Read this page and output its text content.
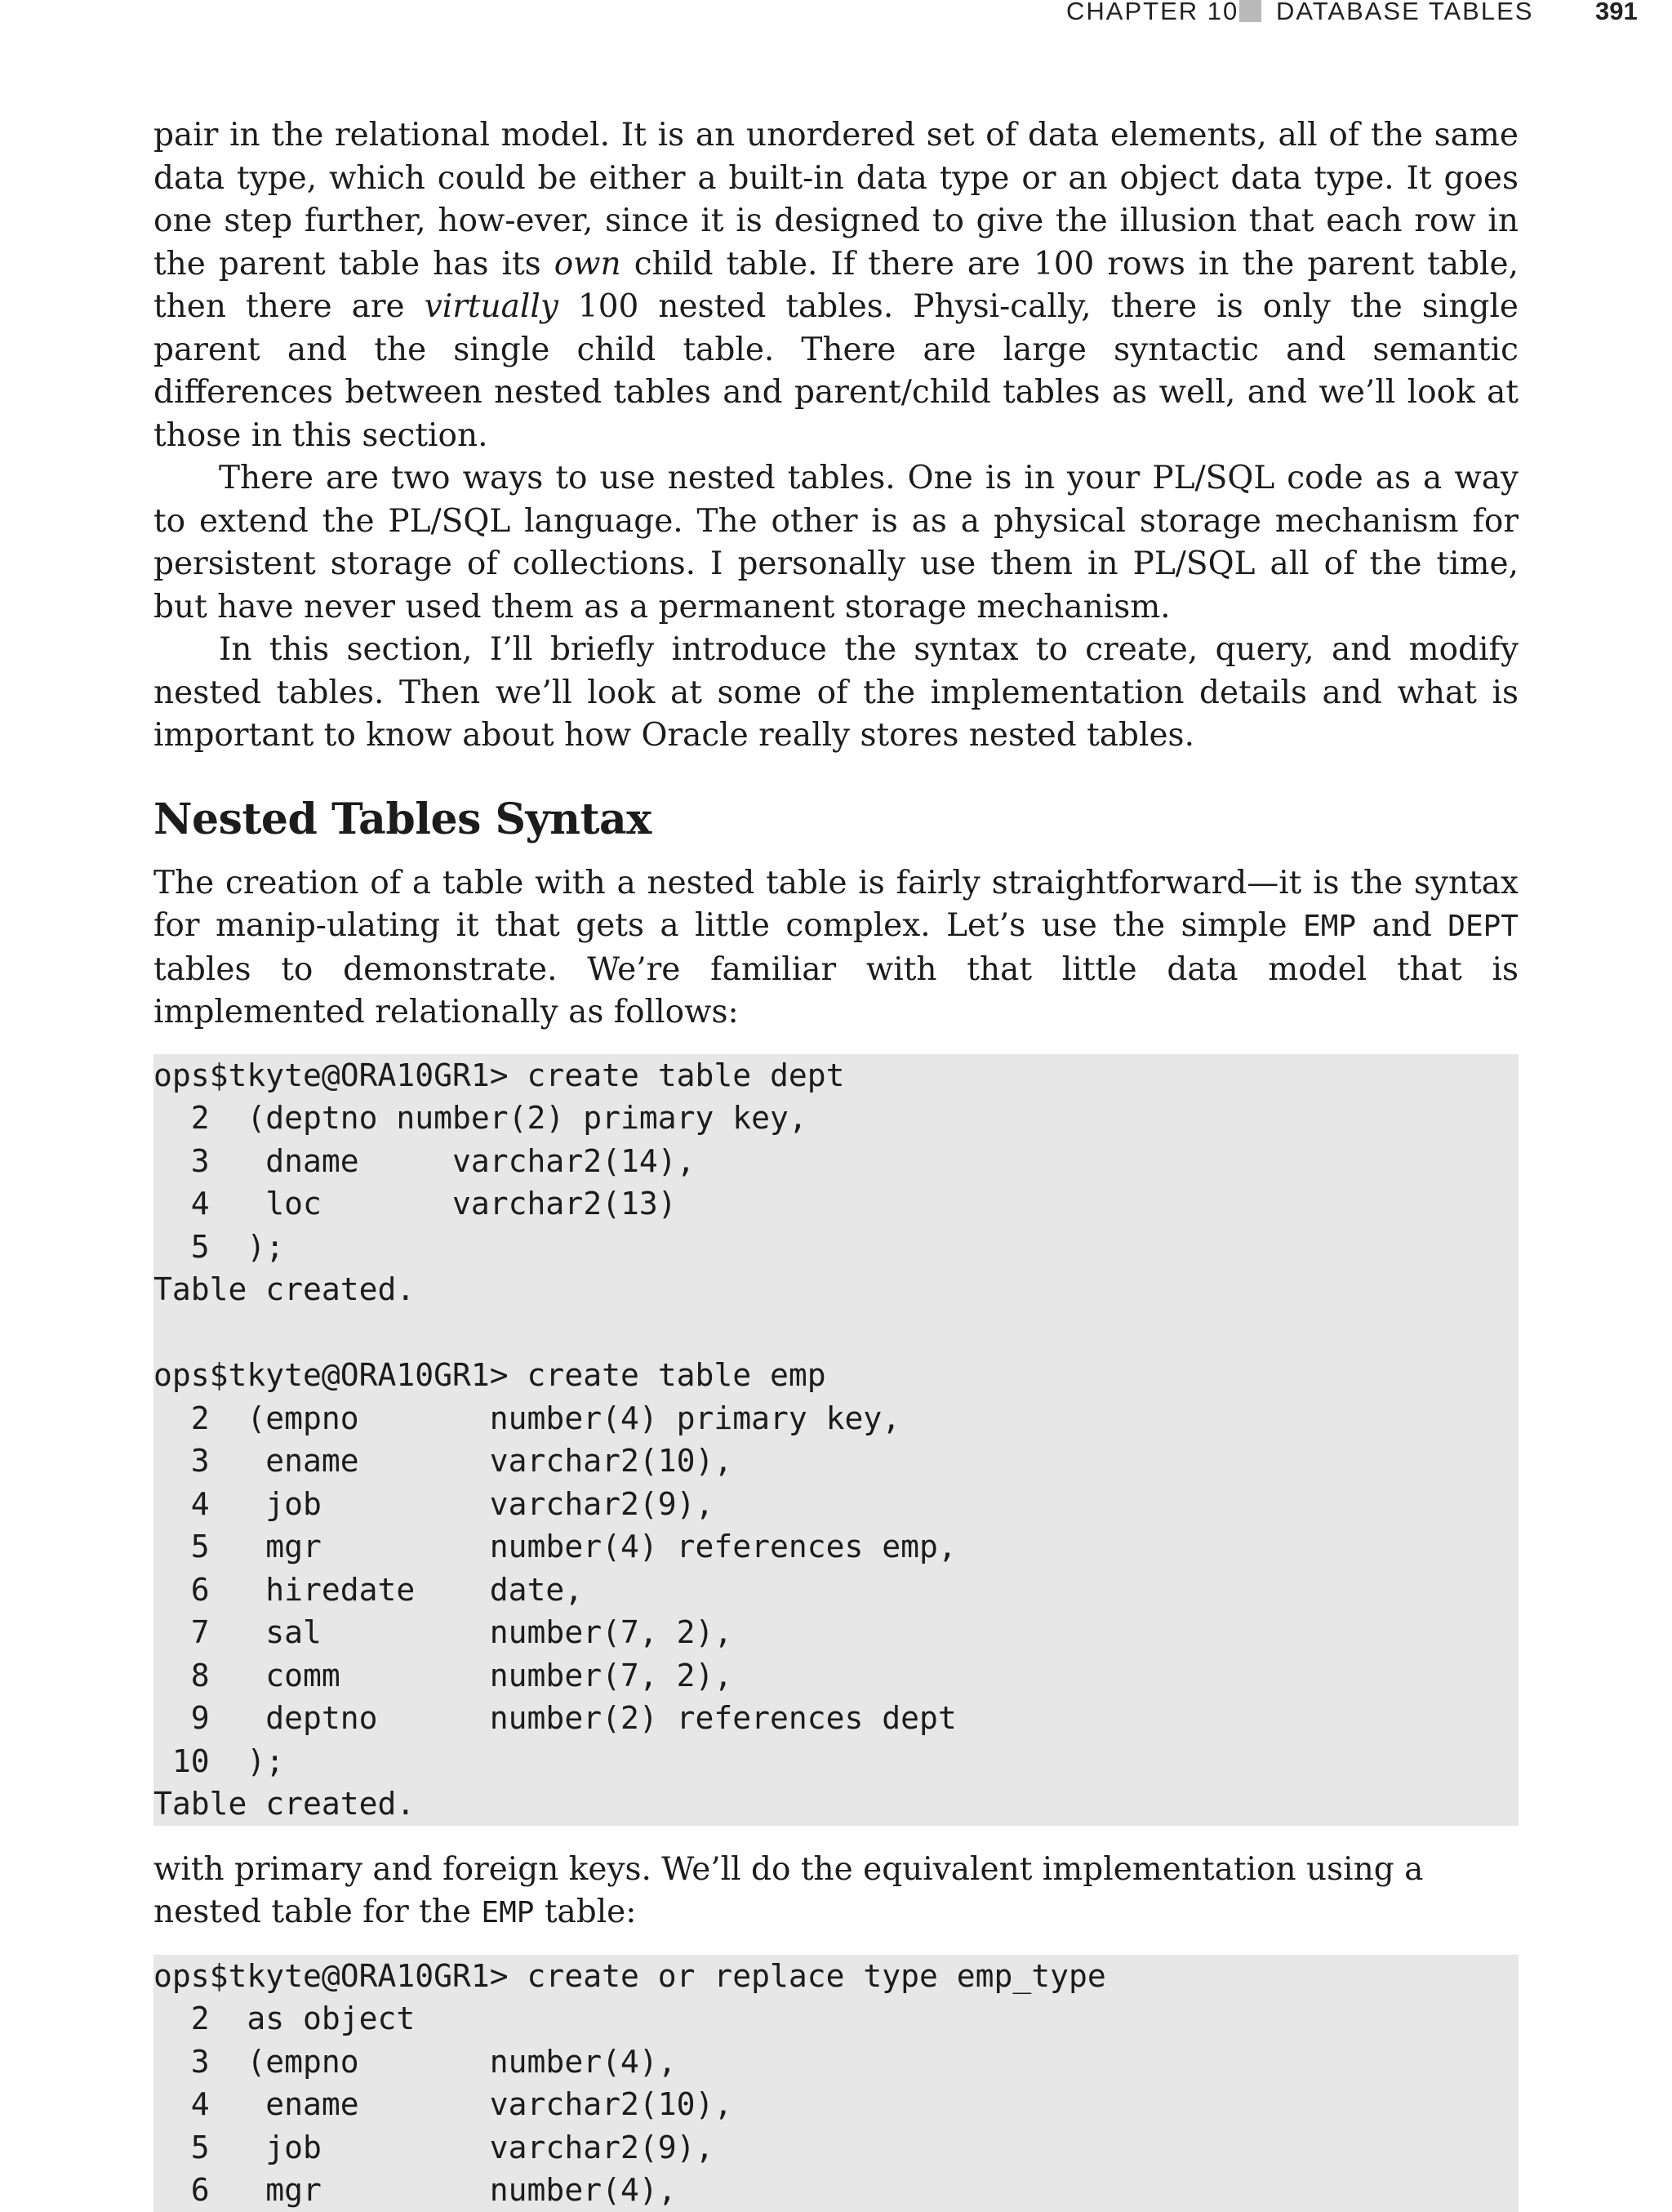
CHAPTER 10 DATABASE TABLES 391

pair in the relational model. It is an unordered set of data elements, all of the same data type, which could be either a built-in data type or an object data type. It goes one step further, how-ever, since it is designed to give the illusion that each row in the parent table has its own child table. If there are 100 rows in the parent table, then there are virtually 100 nested tables. Physi-cally, there is only the single parent and the single child table. There are large syntactic and semantic differences between nested tables and parent/child tables as well, and we’ll look at those in this section.

There are two ways to use nested tables. One is in your PL/SQL code as a way to extend the PL/SQL language. The other is as a physical storage mechanism for persistent storage of collections. I personally use them in PL/SQL all of the time, but have never used them as a permanent storage mechanism.

In this section, I’ll briefly introduce the syntax to create, query, and modify nested tables. Then we’ll look at some of the implementation details and what is important to know about how Oracle really stores nested tables.

Nested Tables Syntax

The creation of a table with a nested table is fairly straightforward—it is the syntax for manip-ulating it that gets a little complex. Let’s use the simple EMP and DEPT tables to demonstrate. We’re familiar with that little data model that is implemented relationally as follows:

ops$tkyte@ORA10GR1> create table dept
2  (deptno number(2) primary key,
3   dname     varchar2(14),
4   loc       varchar2(13)
5  );
Table created.
ops$tkyte@ORA10GR1> create table emp
2  (empno       number(4) primary key,
3   ename       varchar2(10),
4   job         varchar2(9),
5   mgr         number(4) references emp,
6   hiredate    date,
7   sal         number(7, 2),
8   comm        number(7, 2),
9   deptno      number(2) references dept
10  );
Table created.

with primary and foreign keys. We’ll do the equivalent implementation using a nested table for the EMP table:

ops$tkyte@ORA10GR1> create or replace type emp_type
2  as object
3  (empno       number(4),
4   ename       varchar2(10),
5   job         varchar2(9),
6   mgr         number(4),
